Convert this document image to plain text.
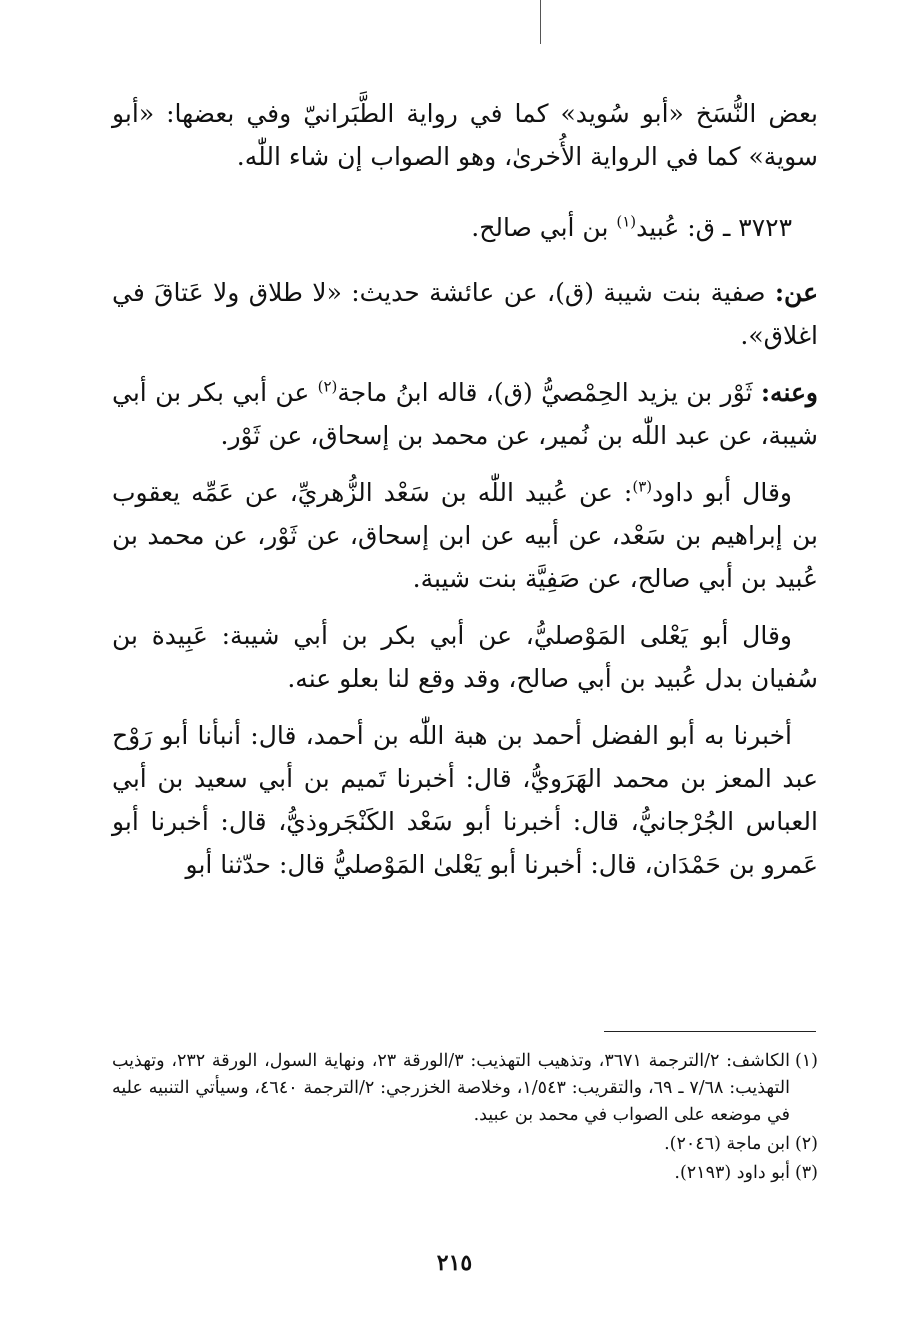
بعض النُّسَخ «أبو سُويد» كما في رواية الطَّبَرانيّ وفي بعضها: «أبو سوية» كما في الرواية الأُخرىٰ، وهو الصواب إن شاء اللّٰه.

٣٧٢٣ ـ ق: عُبيد$^{(١)}$ بن أبي صالح.

عن: صفية بنت شيبة (ق)، عن عائشة حديث: «لا طلاق ولا عَتاقَ في اغلاق».

وعنه: ثَوْر بن يزيد الحِمْصيُّ (ق)، قاله ابنُ ماجة$^{(٢)}$ عن أبي بكر بن أبي شيبة، عن عبد اللّٰه بن نُمير، عن محمد بن إسحاق، عن ثَوْر.

وقال أبو داود$^{(٣)}$: عن عُبيد اللّٰه بن سَعْد الزُّهريِّ، عن عَمِّه يعقوب بن إبراهيم بن سَعْد، عن أبيه عن ابن إسحاق، عن ثَوْر، عن محمد بن عُبيد بن أبي صالح، عن صَفِيَّة بنت شيبة.

وقال أبو يَعْلى المَوْصليُّ، عن أبي بكر بن أبي شيبة: عَبِيدة بن سُفيان بدل عُبيد بن أبي صالح، وقد وقع لنا بعلو عنه.

أخبرنا به أبو الفضل أحمد بن هبة اللّٰه بن أحمد، قال: أنبأنا أبو رَوْح عبد المعز بن محمد الهَرَويُّ، قال: أخبرنا تَميم بن أبي سعيد بن أبي العباس الجُرْجانيُّ، قال: أخبرنا أبو سَعْد الكَنْجَروذيُّ، قال: أخبرنا أبو عَمرو بن حَمْدَان، قال: أخبرنا أبو يَعْلىٰ المَوْصليُّ قال: حدّثنا أبو

(١)الكاشف: ٢/الترجمة ٣٦٧١، وتذهيب التهذيب: ٣/الورقة ٢٣، ونهاية السول، الورقة ٢٣٢، وتهذيب التهذيب: ٧/٦٨ ـ ٦٩، والتقريب: ١/٥٤٣، وخلاصة الخزرجي: ٢/الترجمة ٤٦٤٠، وسيأتي التنبيه عليه في موضعه على الصواب في محمد بن عبيد.

(٢)ابن ماجة (٢٠٤٦).

(٣)أبو داود (٢١٩٣).

٢١٥
